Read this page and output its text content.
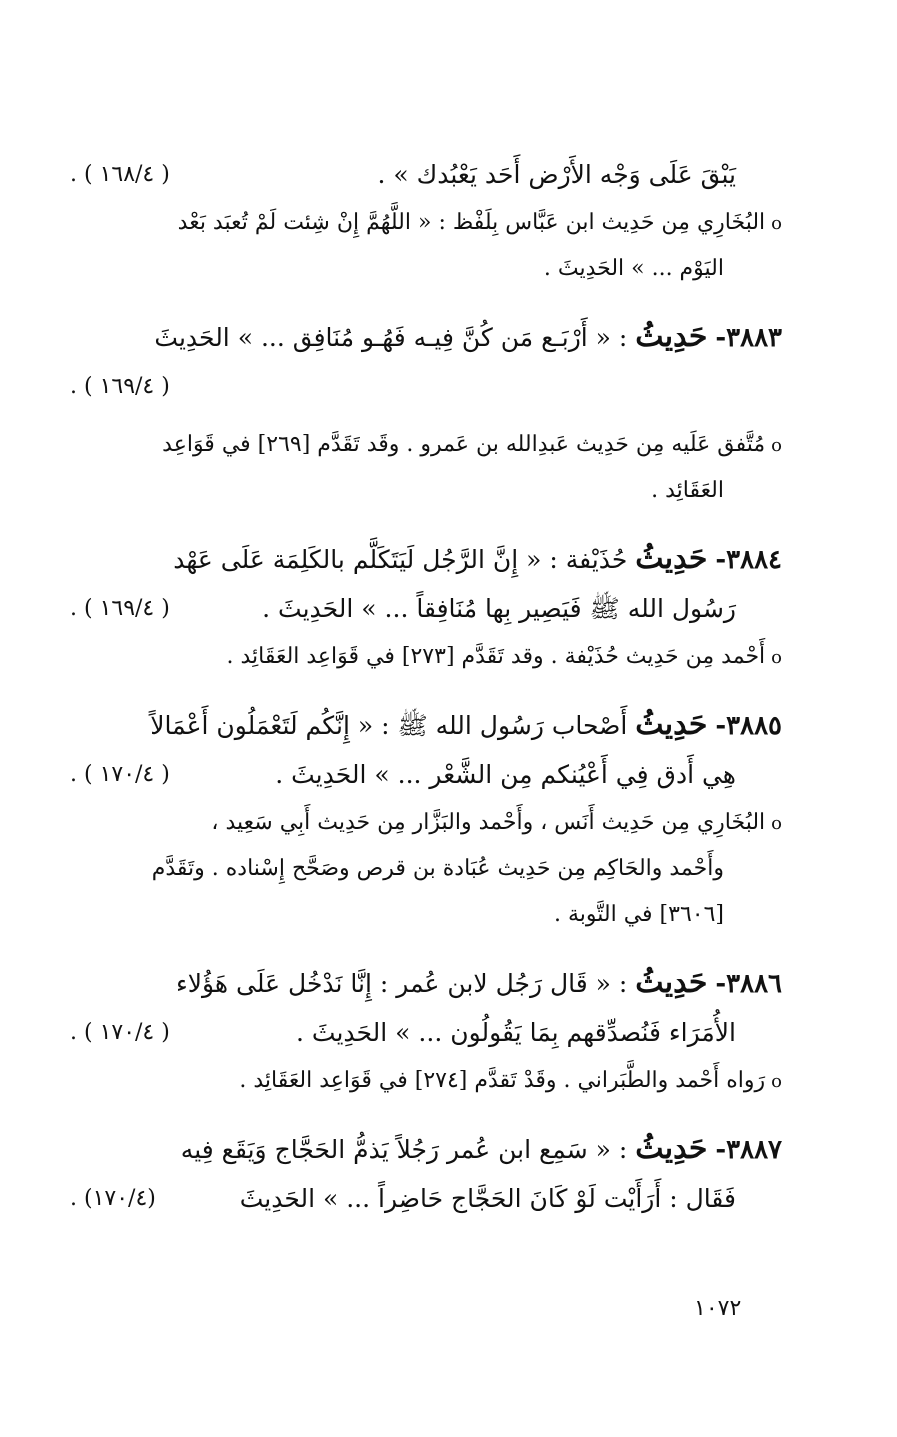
يَبْقَ عَلَى وَجْه الأَرْض أَحَد يَعْبُدك » .
( ١٦٨/٤ ) .
oالبُخَارِي مِن حَدِيث ابن عَبَّاس بِلَفْظ : « اللَّهُمَّ إِنْ شِئت لَمْ تُعبَد بَعْد
اليَوْم ... » الحَدِيثَ .
٣٨٨٣- حَدِيثُ : « أَرْبَـع مَن كُنَّ فِيـه فَهُـو مُنَافِق ... » الحَدِيثَ
( ١٦٩/٤ ) .
oمُتَّفق عَلَيه مِن حَدِيث عَبدِالله بن عَمرو . وقَد تَقَدَّم [٢٦٩] في قَوَاعِد
العَقَائِد .
٣٨٨٤- حَدِيثُ حُذَيْفة : « إِنَّ الرَّجُل لَيَتَكَلَّم بالكَلِمَة عَلَى عَهْد
رَسُول الله ﷺ فَيَصِير بِها مُنَافِقاً ... » الحَدِيثَ .
( ١٦٩/٤ ) .
oأَحْمد مِن حَدِيث حُذَيْفة . وقد تَقَدَّم [٢٧٣] في قَوَاعِد العَقَائِد .
٣٨٨٥- حَدِيثُ أَصْحاب رَسُول الله ﷺ : « إِنَّكُم لَتَعْمَلُون أَعْمَالاً
هِي أَدق فِي أَعْيُنكم مِن الشَّعْر ... » الحَدِيثَ .
( ١٧٠/٤ ) .
oالبُخَارِي مِن حَدِيث أَنَس ، وأَحْمد والبَزَّار مِن حَدِيث أَبِي سَعِيد ،
وأَحْمد والحَاكِم مِن حَدِيث عُبَادة بن قرص وصَحَّح إِسْناده . وتَقَدَّم
[٣٦٠٦] في التَّوبة .
٣٨٨٦- حَدِيثُ : « قَال رَجُل لابن عُمر : إِنَّا نَدْخُل عَلَى هَؤُلاء
الأُمَرَاء فَنُصدِّقهم بِمَا يَقُولُون ... » الحَدِيثَ .
( ١٧٠/٤ ) .
oرَواه أَحْمد والطَّبَراني . وقَدْ تَقدَّم [٢٧٤] في قَوَاعِد العَقَائِد .
٣٨٨٧- حَدِيثُ : « سَمِع ابن عُمر رَجُلاً يَذمُّ الحَجَّاج وَيَقَع فِيه
فَقَال : أَرَأَيْت لَوْ كَانَ الحَجَّاج حَاضِراً ... » الحَدِيثَ
(١٧٠/٤) .
١٠٧٢
